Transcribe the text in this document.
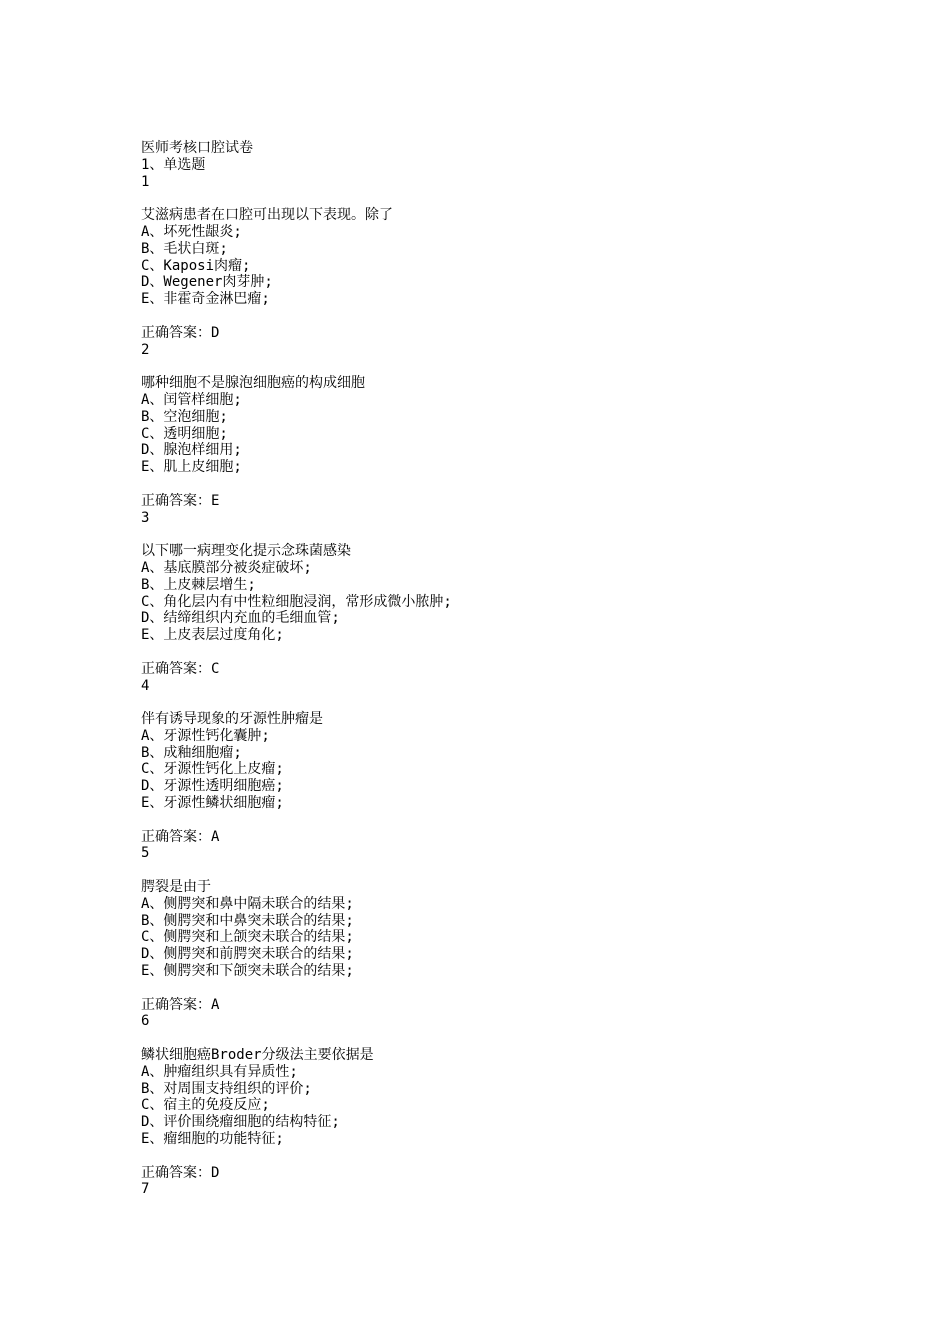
医师考核口腔试卷
1、单选题
1
艾滋病患者在口腔可出现以下表现。除了
A、坏死性龈炎;
B、毛状白斑;
C、Kaposi肉瘤;
D、Wegener肉芽肿;
E、非霍奇金淋巴瘤;
正确答案：D
2
哪种细胞不是腺泡细胞癌的构成细胞
A、闰管样细胞;
B、空泡细胞;
C、透明细胞;
D、腺泡样细用;
E、肌上皮细胞;
正确答案：E
3
以下哪一病理变化提示念珠菌感染
A、基底膜部分被炎症破坏;
B、上皮棘层增生;
C、角化层内有中性粒细胞浸润，常形成微小脓肿;
D、结缔组织内充血的毛细血管;
E、上皮表层过度角化;
正确答案：C
4
伴有诱导现象的牙源性肿瘤是
A、牙源性钙化囊肿;
B、成釉细胞瘤;
C、牙源性钙化上皮瘤;
D、牙源性透明细胞癌;
E、牙源性鳞状细胞瘤;
正确答案：A
5
腭裂是由于
A、侧腭突和鼻中隔未联合的结果;
B、侧腭突和中鼻突未联合的结果;
C、侧腭突和上颌突未联合的结果;
D、侧腭突和前腭突未联合的结果;
E、侧腭突和下颌突未联合的结果;
正确答案：A
6
鳞状细胞癌Broder分级法主要依据是
A、肿瘤组织具有异质性;
B、对周围支持组织的评价;
C、宿主的免疫反应;
D、评价围绕瘤细胞的结构特征;
E、瘤细胞的功能特征;
正确答案：D
7
